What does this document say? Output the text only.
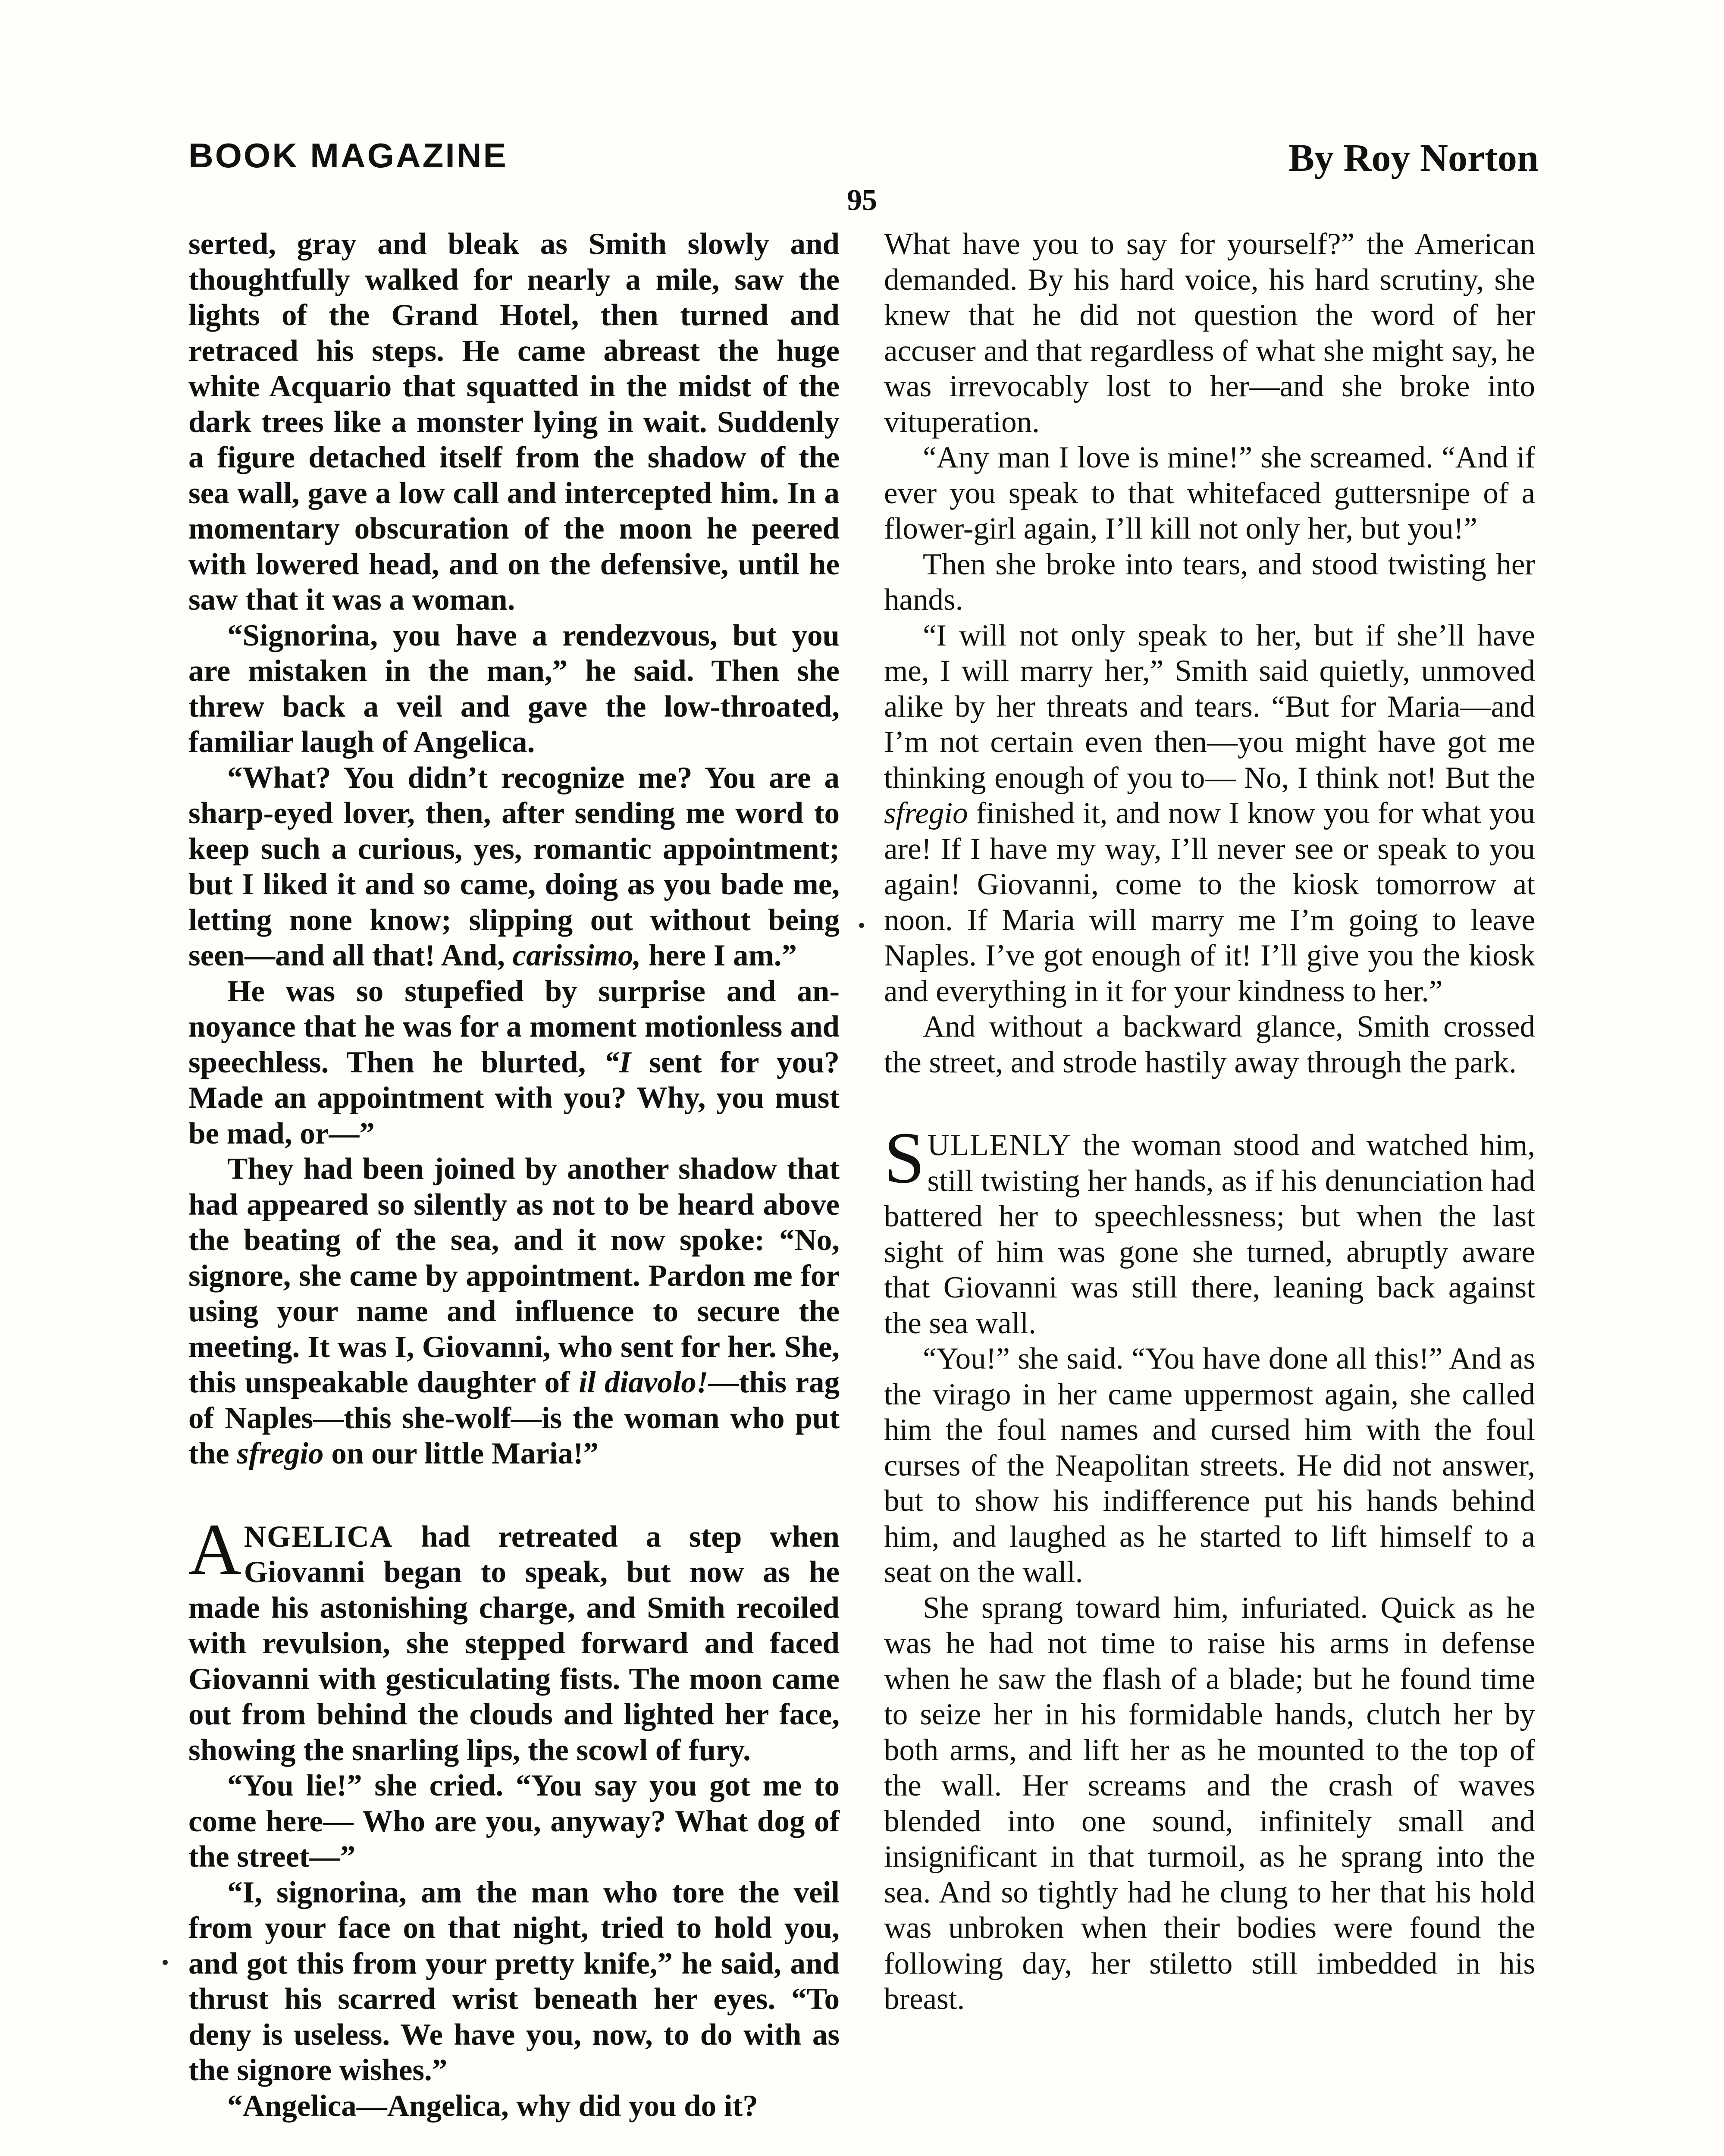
BOOK MAGAZINE	By Roy Norton
95

serted, gray and bleak as Smith slowly and thoughtfully walked for nearly a mile, saw the lights of the Grand Hotel, then turned and retraced his steps. He came abreast the huge white Acquario that squatted in the midst of the dark trees like a monster lying in wait. Suddenly a figure detached itself from the shadow of the sea wall, gave a low call and intercepted him. In a momentary obscuration of the moon he peered with lowered head, and on the defensive, until he saw that it was a woman.

“Signorina, you have a rendezvous, but you are mistaken in the man,” he said. Then she threw back a veil and gave the low-throated, familiar laugh of Angelica.

“What? You didn’t recognize me? You are a sharp-eyed lover, then, after sending me word to keep such a curious, yes, romantic appointment; but I liked it and so came, doing as you bade me, letting none know; slipping out without being seen—and all that! And, carissimo, here I am.”

He was so stupefied by surprise and annoyance that he was for a moment motionless and speechless. Then he blurted, “I sent for you? Made an appointment with you? Why, you must be mad, or—”

They had been joined by another shadow that had appeared so silently as not to be heard above the beating of the sea, and it now spoke: “No, signore, she came by appointment. Pardon me for using your name and influence to secure the meeting. It was I, Giovanni, who sent for her. She, this unspeakable daughter of il diavolo!—this rag of Naples—this she-wolf—is the woman who put the sfregio on our little Maria!”

ANGELICA had retreated a step when Giovanni began to speak, but now as he made his astonishing charge, and Smith recoiled with revulsion, she stepped forward and faced Giovanni with gesticulating fists. The moon came out from behind the clouds and lighted her face, showing the snarling lips, the scowl of fury.

“You lie!” she cried. “You say you got me to come here— Who are you, anyway? What dog of the street—”

“I, signorina, am the man who tore the veil from your face on that night, tried to hold you, and got this from your pretty knife,” he said, and thrust his scarred wrist beneath her eyes. “To deny is useless. We have you, now, to do with as the signore wishes.”

“Angelica—Angelica, why did you do it?

What have you to say for yourself?” the American demanded. By his hard voice, his hard scrutiny, she knew that he did not question the word of her accuser and that regardless of what she might say, he was irrevocably lost to her—and she broke into vituperation.

“Any man I love is mine!” she screamed. “And if ever you speak to that whitefaced guttersnipe of a flower-girl again, I’ll kill not only her, but you!”

Then she broke into tears, and stood twisting her hands.

“I will not only speak to her, but if she’ll have me, I will marry her,” Smith said quietly, unmoved alike by her threats and tears. “But for Maria—and I’m not certain even then—you might have got me thinking enough of you to— No, I think not! But the sfregio finished it, and now I know you for what you are! If I have my way, I’ll never see or speak to you again! Giovanni, come to the kiosk tomorrow at noon. If Maria will marry me I’m going to leave Naples. I’ve got enough of it! I’ll give you the kiosk and everything in it for your kindness to her.”

And without a backward glance, Smith crossed the street, and strode hastily away through the park.

SULLENLY the woman stood and watched him, still twisting her hands, as if his denunciation had battered her to speechlessness; but when the last sight of him was gone she turned, abruptly aware that Giovanni was still there, leaning back against the sea wall.

“You!” she said. “You have done all this!” And as the virago in her came uppermost again, she called him the foul names and cursed him with the foul curses of the Neapolitan streets. He did not answer, but to show his indifference put his hands behind him, and laughed as he started to lift himself to a seat on the wall.

She sprang toward him, infuriated. Quick as he was he had not time to raise his arms in defense when he saw the flash of a blade; but he found time to seize her in his formidable hands, clutch her by both arms, and lift her as he mounted to the top of the wall. Her screams and the crash of waves blended into one sound, infinitely small and insignificant in that turmoil, as he sprang into the sea. And so tightly had he clung to her that his hold was unbroken when their bodies were found the following day, her stiletto still imbedded in his breast.
